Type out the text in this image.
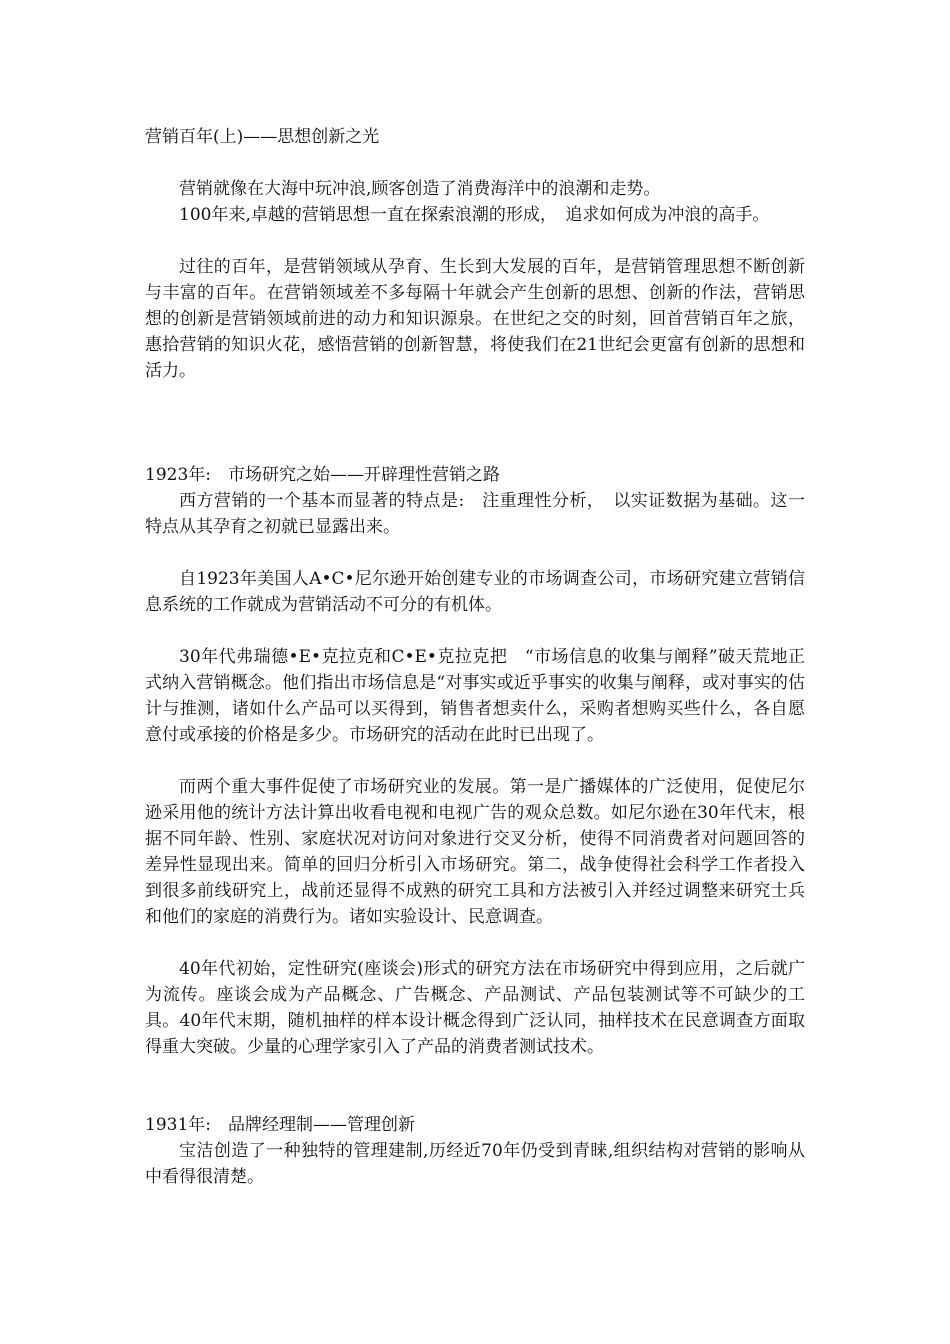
营销百年(上)——思想创新之光

营销就像在大海中玩冲浪,顾客创造了消费海洋中的浪潮和走势。

100年来,卓越的营销思想一直在探索浪潮的形成，　追求如何成为冲浪的高手。

过往的百年，是营销领域从孕育、生长到大发展的百年，是营销管理思想不断创新与丰富的百年。在营销领域差不多每隔十年就会产生创新的思想、创新的作法，营销思想的创新是营销领域前进的动力和知识源泉。在世纪之交的时刻，回首营销百年之旅，惠拾营销的知识火花，感悟营销的创新智慧，将使我们在21世纪会更富有创新的思想和活力。

1923年:　市场研究之始——开辟理性营销之路

西方营销的一个基本而显著的特点是:　注重理性分析，　以实证数据为基础。这一特点从其孕育之初就已显露出来。

自1923年美国人A•C•尼尔逊开始创建专业的市场调查公司，市场研究建立营销信息系统的工作就成为营销活动不可分的有机体。

30年代弗瑞德•E•克拉克和C•E•克拉克把　“市场信息的收集与阐释”破天荒地正式纳入营销概念。他们指出市场信息是“对事实或近乎事实的收集与阐释，或对事实的估计与推测，诸如什么产品可以买得到，销售者想卖什么，采购者想购买些什么，各自愿意付或承接的价格是多少。市场研究的活动在此时已出现了。

而两个重大事件促使了市场研究业的发展。第一是广播媒体的广泛使用，促使尼尔逊采用他的统计方法计算出收看电视和电视广告的观众总数。如尼尔逊在30年代末，根据不同年龄、性别、家庭状况对访问对象进行交叉分析，使得不同消费者对问题回答的差异性显现出来。简单的回归分析引入市场研究。第二，战争使得社会科学工作者投入到很多前线研究上，战前还显得不成熟的研究工具和方法被引入并经过调整来研究士兵和他们的家庭的消费行为。诸如实验设计、民意调查。

40年代初始，定性研究(座谈会)形式的研究方法在市场研究中得到应用，之后就广为流传。座谈会成为产品概念、广告概念、产品测试、产品包装测试等不可缺少的工具。40年代末期，随机抽样的样本设计概念得到广泛认同，抽样技术在民意调查方面取得重大突破。少量的心理学家引入了产品的消费者测试技术。

1931年:　品牌经理制——管理创新

宝洁创造了一种独特的管理建制,历经近70年仍受到青睐,组织结构对营销的影响从中看得很清楚。
